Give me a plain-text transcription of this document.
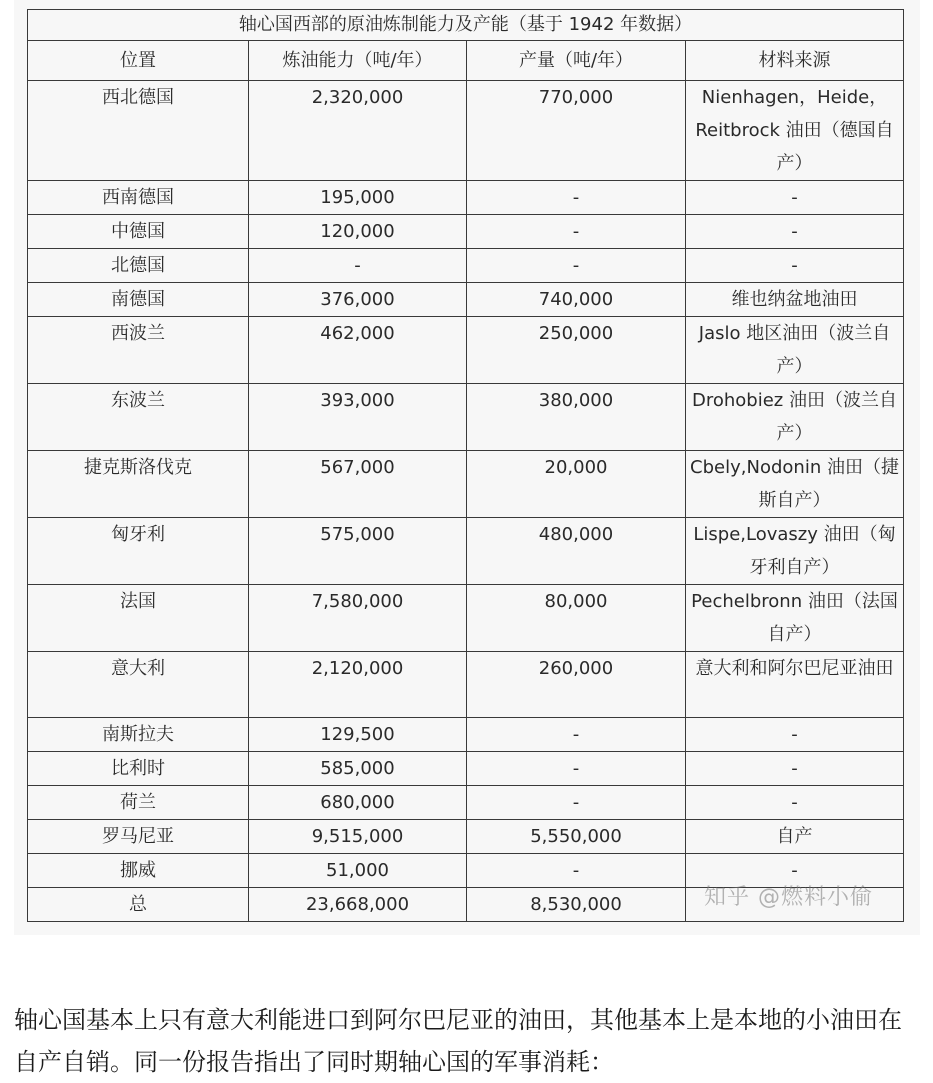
轴心国西部的原油炼制能力及产能（基于 1942 年数据）			
位置	炼油能力（吨/年）	产量（吨/年）	材料来源
西北德国	2,320,000	770,000	Nienhagen，Heide，Reitbrock 油田（德国自产）
西南德国	195,000	-	-
中德国	120,000	-	-
北德国	-	-	-
南德国	376,000	740,000	维也纳盆地油田
西波兰	462,000	250,000	Jaslo 地区油田（波兰自产）
东波兰	393,000	380,000	Drohobiez 油田（波兰自产）
捷克斯洛伐克	567,000	20,000	Cbely,Nodonin 油田（捷斯自产）
匈牙利	575,000	480,000	Lispe,Lovaszy 油田（匈牙利自产）
法国	7,580,000	80,000	Pechelbronn 油田（法国自产）
意大利	2,120,000	260,000	意大利和阿尔巴尼亚油田
南斯拉夫	129,500	-	-
比利时	585,000	-	-
荷兰	680,000	-	-
罗马尼亚	9,515,000	5,550,000	自产
挪威	51,000	-	-
总	23,668,000	8,530,000		知乎 @燃料小偷

轴心国基本上只有意大利能进口到阿尔巴尼亚的油田，其他基本上是本地的小油田在自产自销。同一份报告指出了同时期轴心国的军事消耗：
